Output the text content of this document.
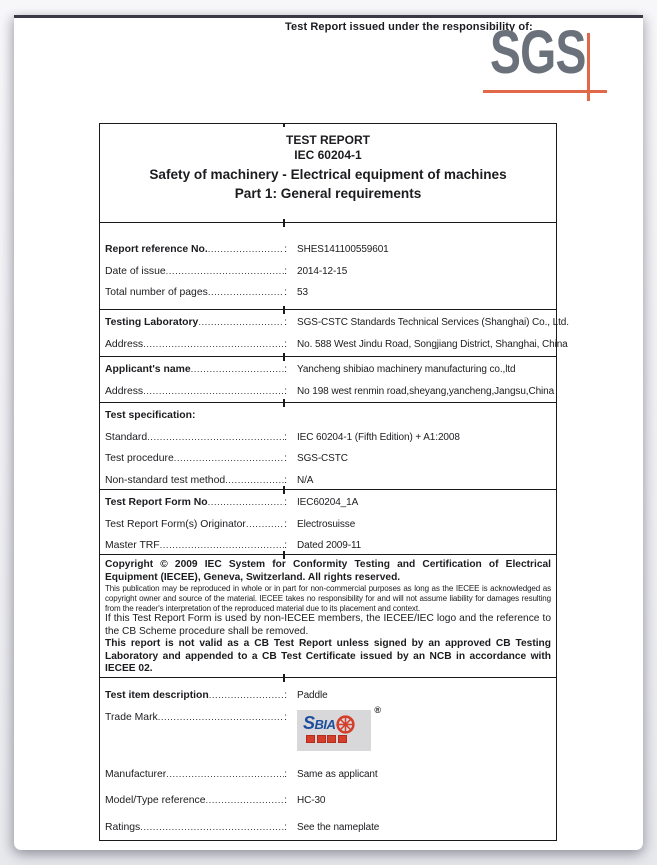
Test Report issued under the responsibility of:
SGS
TEST REPORT
IEC 60204-1
Safety of machinery - Electrical equipment of machines
Part 1: General requirements
Report reference No. ..... :	SHES141100559601
Date of issue ..... :	2014-12-15
Total number of pages ..... :	53
Testing Laboratory ..... :	SGS-CSTC Standards Technical Services (Shanghai) Co., Ltd.
Address ..... :	No. 588 West Jindu Road, Songjiang District, Shanghai, China
Applicant's name ..... :	Yancheng shibiao machinery manufacturing co.,ltd
Address ..... :	No 198 west renmin road,sheyang,yancheng,Jangsu,China
Test specification:
Standard ..... :	IEC 60204-1 (Fifth Edition) + A1:2008
Test procedure ..... :	SGS-CSTC
Non-standard test method ..... :	N/A
Test Report Form No ..... :	IEC60204_1A
Test Report Form(s) Originator ..... :	Electrosuisse
Master TRF ..... :	Dated 2009-11
Copyright © 2009 IEC System for Conformity Testing and Certification of Electrical Equipment (IECEE), Geneva, Switzerland. All rights reserved.
This publication may be reproduced in whole or in part for non-commercial purposes as long as the IECEE is acknowledged as copyright owner and source of the material. IECEE takes no responsibility for and will not assume liability for damages resulting from the reader's interpretation of the reproduced material due to its placement and context.
If this Test Report Form is used by non-IECEE members, the IECEE/IEC logo and the reference to the CB Scheme procedure shall be removed.
This report is not valid as a CB Test Report unless signed by an approved CB Testing Laboratory and appended to a CB Test Certificate issued by an NCB in accordance with IECEE 02.
Test item description ..... :	Paddle
Trade Mark ..... :	SBIA
®
Manufacturer ..... :	Same as applicant
Model/Type reference ..... :	HC-30
Ratings ..... :	See the nameplate
